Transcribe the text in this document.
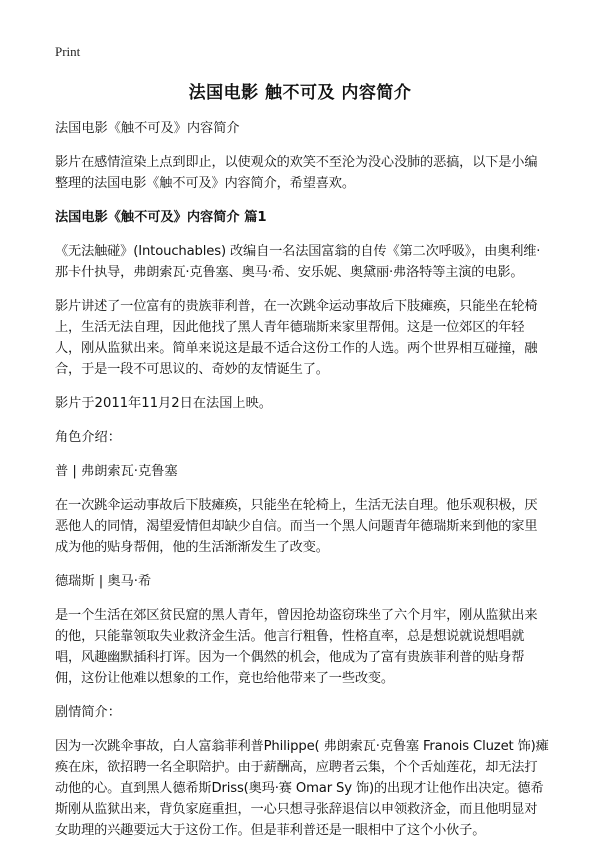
Print
法国电影 触不可及 内容简介

法国电影《触不可及》内容简介

影片在感情渲染上点到即止，以使观众的欢笑不至沦为没心没肺的恶搞，以下是小编整理的法国电影《触不可及》内容简介，希望喜欢。

法国电影《触不可及》内容简介 篇1

《无法触碰》(Intouchables) 改编自一名法国富翁的自传《第二次呼吸》，由奥利维·那卡什执导，弗朗索瓦·克鲁塞、奥马·希、安乐妮、奥黛丽·弗洛特等主演的电影。

影片讲述了一位富有的贵族菲利普，在一次跳伞运动事故后下肢瘫痪，只能坐在轮椅上，生活无法自理，因此他找了黑人青年德瑞斯来家里帮佣。这是一位郊区的年轻人，刚从监狱出来。简单来说这是最不适合这份工作的人选。两个世界相互碰撞，融合，于是一段不可思议的、奇妙的友情诞生了。

影片于2011年11月2日在法国上映。

角色介绍：

普 | 弗朗索瓦·克鲁塞

在一次跳伞运动事故后下肢瘫痪，只能坐在轮椅上，生活无法自理。他乐观积极，厌恶他人的同情，渴望爱情但却缺少自信。而当一个黑人问题青年德瑞斯来到他的家里成为他的贴身帮佣，他的生活渐渐发生了改变。

德瑞斯 | 奥马·希

是一个生活在郊区贫民窟的黑人青年，曾因抢劫盗窃珠坐了六个月牢，刚从监狱出来的他，只能靠领取失业救济金生活。他言行粗鲁，性格直率，总是想说就说想唱就唱，风趣幽默插科打诨。因为一个偶然的机会，他成为了富有贵族菲利普的贴身帮佣，这份让他难以想象的工作，竟也给他带来了一些改变。

剧情简介：

因为一次跳伞事故，白人富翁菲利普Philippe( 弗朗索瓦·克鲁塞 Franois Cluzet 饰)瘫痪在床，欲招聘一名全职陪护。由于薪酬高，应聘者云集，个个舌灿莲花，却无法打动他的心。直到黑人德希斯Driss(奥玛·赛 Omar Sy 饰)的出现才让他作出决定。德希斯刚从监狱出来，背负家庭重担，一心只想寻张辞退信以申领救济金，而且他明显对女助理的兴趣要远大于这份工作。但是菲利普还是一眼相中了这个小伙子。
